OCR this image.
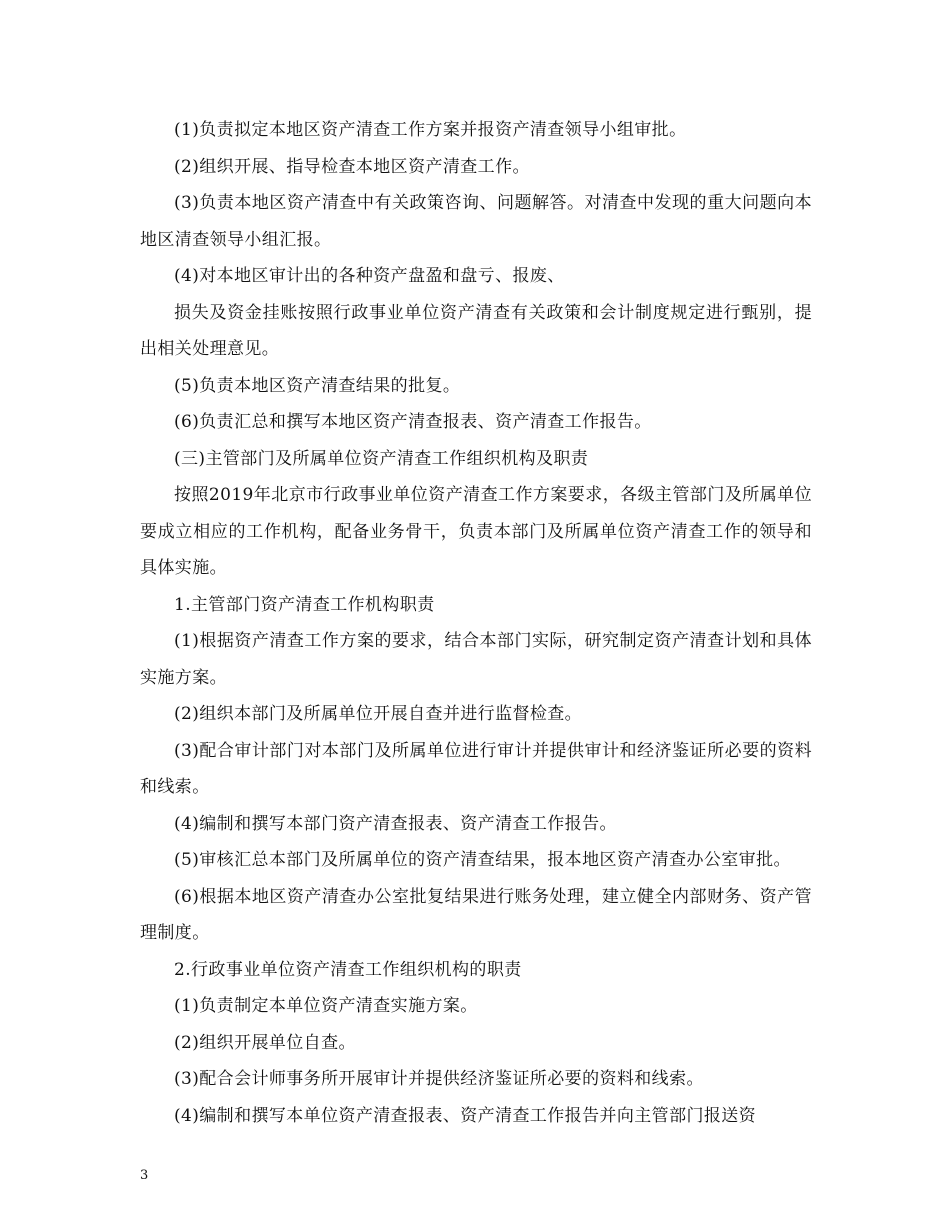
(1)负责拟定本地区资产清查工作方案并报资产清查领导小组审批。

(2)组织开展、指导检查本地区资产清查工作。

(3)负责本地区资产清查中有关政策咨询、问题解答。对清查中发现的重大问题向本地区清查领导小组汇报。

(4)对本地区审计出的各种资产盘盈和盘亏、报废、

损失及资金挂账按照行政事业单位资产清查有关政策和会计制度规定进行甄别，提出相关处理意见。

(5)负责本地区资产清查结果的批复。

(6)负责汇总和撰写本地区资产清查报表、资产清查工作报告。

(三)主管部门及所属单位资产清查工作组织机构及职责

按照2019年北京市行政事业单位资产清查工作方案要求，各级主管部门及所属单位要成立相应的工作机构，配备业务骨干，负责本部门及所属单位资产清查工作的领导和具体实施。

1.主管部门资产清查工作机构职责

(1)根据资产清查工作方案的要求，结合本部门实际，研究制定资产清查计划和具体实施方案。

(2)组织本部门及所属单位开展自查并进行监督检查。

(3)配合审计部门对本部门及所属单位进行审计并提供审计和经济鉴证所必要的资料和线索。

(4)编制和撰写本部门资产清查报表、资产清查工作报告。

(5)审核汇总本部门及所属单位的资产清查结果，报本地区资产清查办公室审批。

(6)根据本地区资产清查办公室批复结果进行账务处理，建立健全内部财务、资产管理制度。

2.行政事业单位资产清查工作组织机构的职责

(1)负责制定本单位资产清查实施方案。

(2)组织开展单位自查。

(3)配合会计师事务所开展审计并提供经济鉴证所必要的资料和线索。

(4)编制和撰写本单位资产清查报表、资产清查工作报告并向主管部门报送资

3
